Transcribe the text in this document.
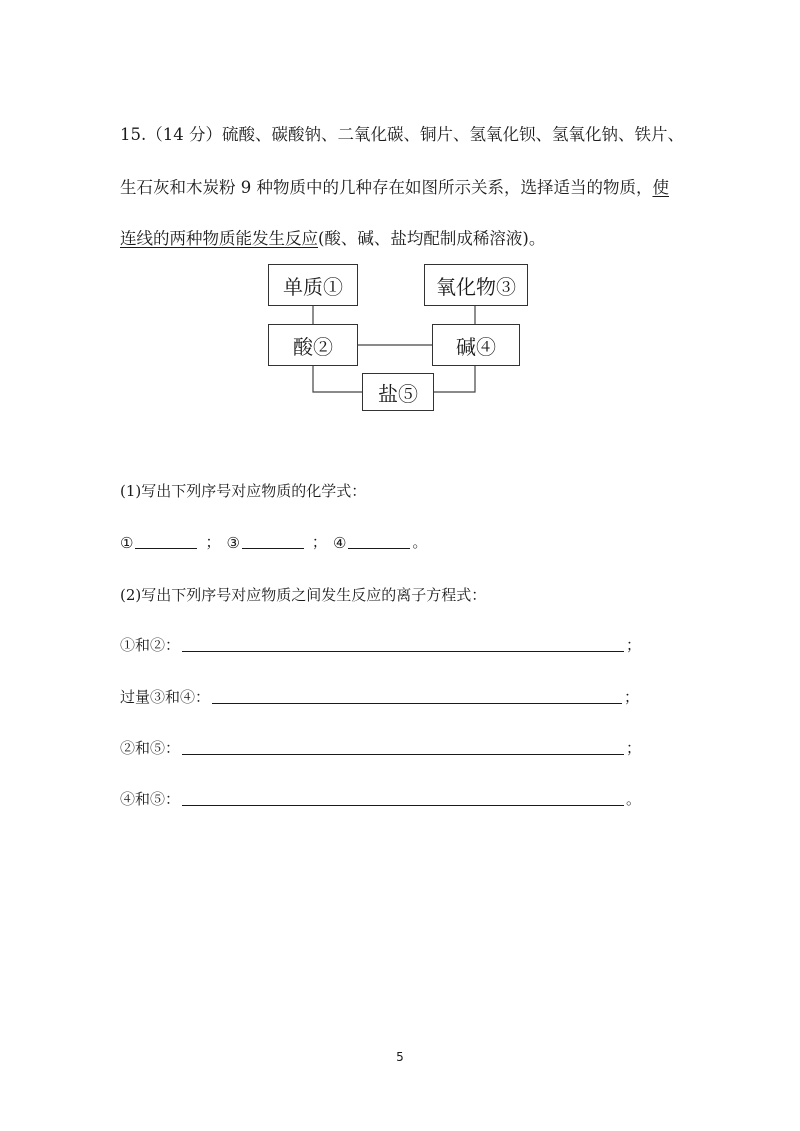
15.（14 分）硫酸、碳酸钠、二氧化碳、铜片、氢氧化钡、氢氧化钠、铁片、
生石灰和木炭粉 9 种物质中的几种存在如图所示关系，选择适当的物质，使
连线的两种物质能发生反应(酸、碱、盐均配制成稀溶液)。
单质①	氧化物③
酸②	碱④
盐⑤
(1)写出下列序号对应物质的化学式：
①	； ③	； ④	。
(2)写出下列序号对应物质之间发生反应的离子方程式：
①和②：	；
过量③和④：	；
②和⑤：	；
④和⑤：	。
5
